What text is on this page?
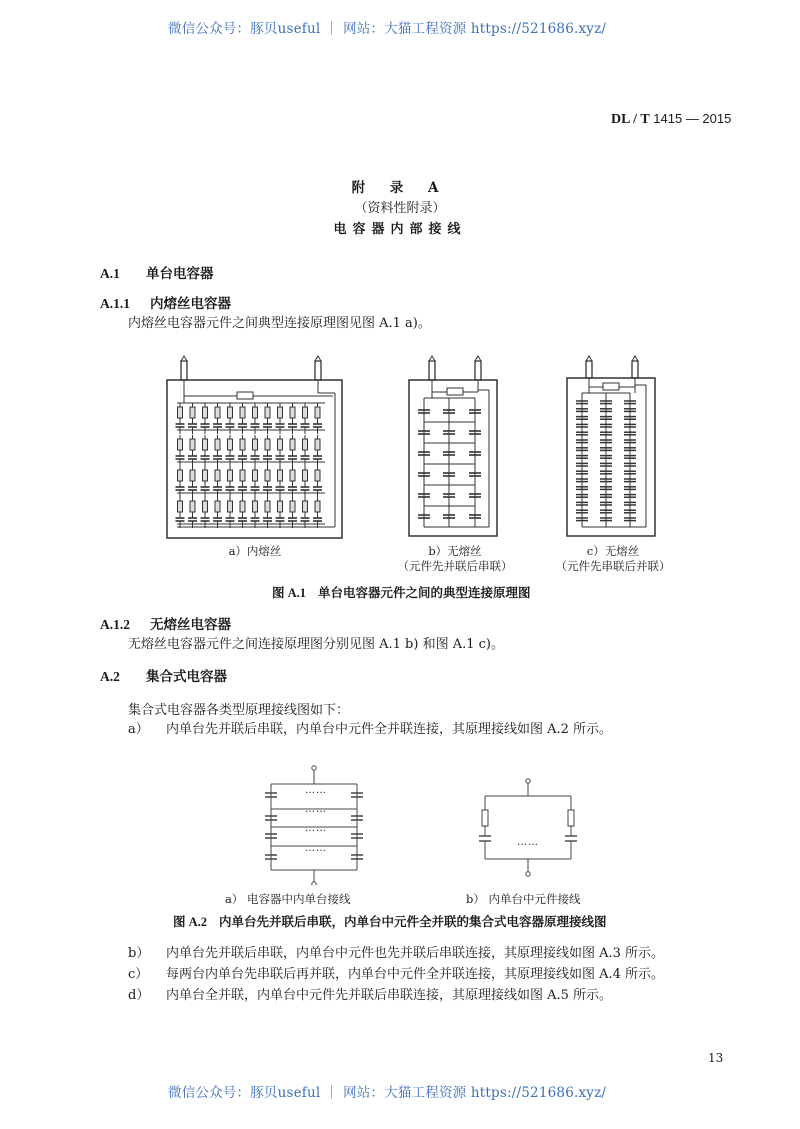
微信公众号：豚贝useful ｜ 网站：大猫工程资源 https://521686.xyz/
DL / T 1415 — 2015
附 录 A
（资料性附录）
电容器内部接线
A.1 单台电容器
A.1.1 内熔丝电容器
内熔丝电容器元件之间典型连接原理图见图 A.1 a)。
a）内熔丝	b）无熔丝
（元件先并联后串联）
c）无熔丝
（元件先串联后并联）
图 A.1 单台电容器元件之间的典型连接原理图
A.1.2 无熔丝电容器
无熔丝电容器元件之间连接原理图分别见图 A.1 b) 和图 A.1 c)。
A.2 集合式电容器
集合式电容器各类型原理接线图如下：
a） 内单台先并联后串联，内单台中元件全并联连接，其原理接线如图 A.2 所示。
……
……
……
……
……
a） 电容器中内单台接线	b） 内单台中元件接线
图 A.2 内单台先并联后串联，内单台中元件全并联的集合式电容器原理接线图
b） 内单台先并联后串联，内单台中元件也先并联后串联连接，其原理接线如图 A.3 所示。
c） 每两台内单台先串联后再并联，内单台中元件全并联连接，其原理接线如图 A.4 所示。
d） 内单台全并联，内单台中元件先并联后串联连接，其原理接线如图 A.5 所示。
13
微信公众号：豚贝useful ｜ 网站：大猫工程资源 https://521686.xyz/
